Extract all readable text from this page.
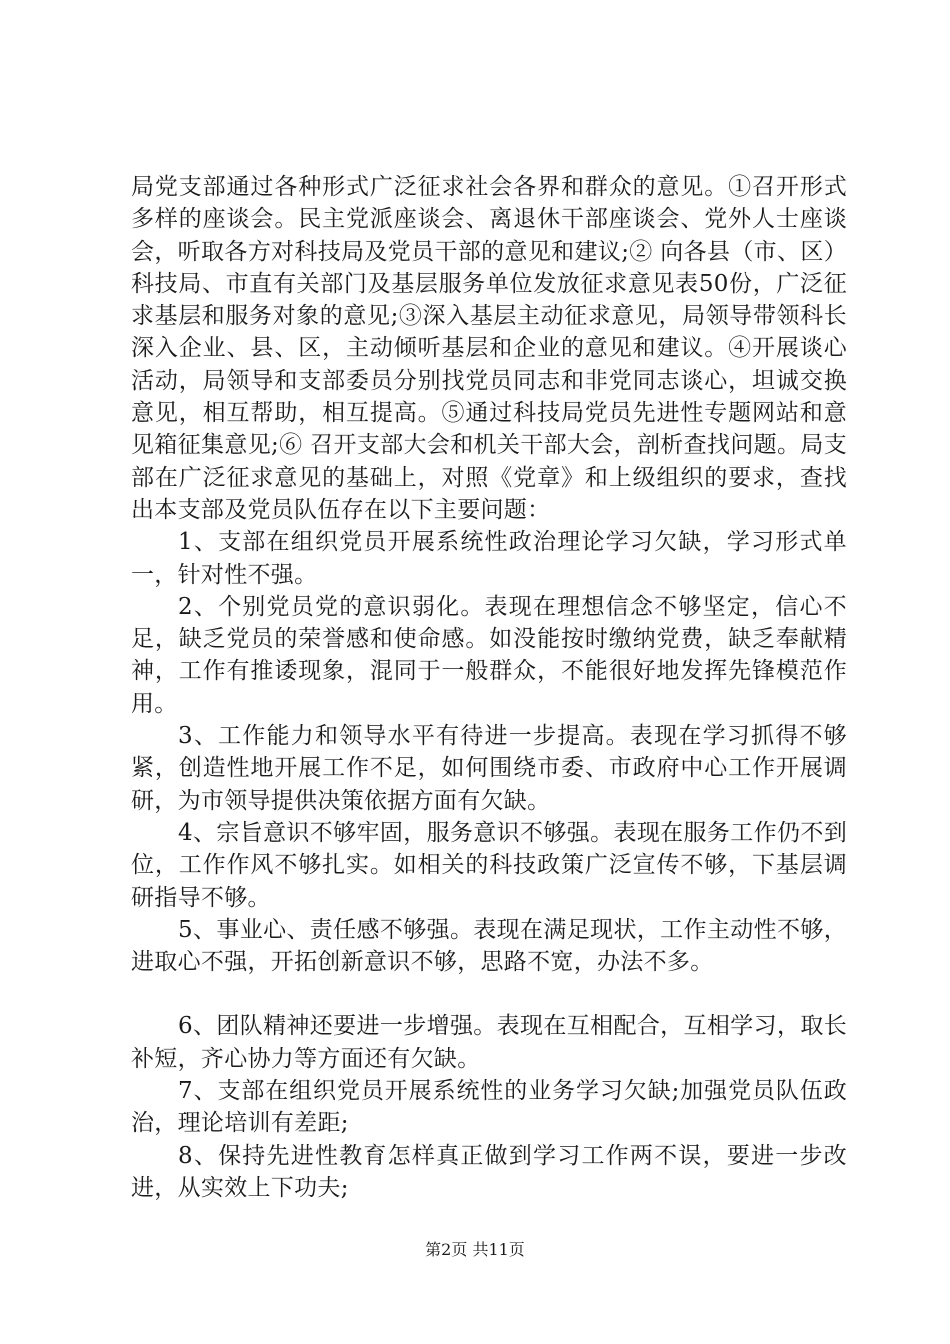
局党支部通过各种形式广泛征求社会各界和群众的意见。①召开形式多样的座谈会。民主党派座谈会、离退休干部座谈会、党外人士座谈会，听取各方对科技局及党员干部的意见和建议;② 向各县（市、区）科技局、市直有关部门及基层服务单位发放征求意见表50份，广泛征求基层和服务对象的意见;③深入基层主动征求意见，局领导带领科长深入企业、县、区，主动倾听基层和企业的意见和建议。④开展谈心活动，局领导和支部委员分别找党员同志和非党同志谈心，坦诚交换意见，相互帮助，相互提高。⑤通过科技局党员先进性专题网站和意见箱征集意见;⑥ 召开支部大会和机关干部大会，剖析查找问题。局支部在广泛征求意见的基础上，对照《党章》和上级组织的要求，查找出本支部及党员队伍存在以下主要问题：

1、支部在组织党员开展系统性政治理论学习欠缺，学习形式单一，针对性不强。

2、个别党员党的意识弱化。表现在理想信念不够坚定，信心不足，缺乏党员的荣誉感和使命感。如没能按时缴纳党费，缺乏奉献精神，工作有推诿现象，混同于一般群众，不能很好地发挥先锋模范作用。

3、工作能力和领导水平有待进一步提高。表现在学习抓得不够紧，创造性地开展工作不足，如何围绕市委、市政府中心工作开展调研，为市领导提供决策依据方面有欠缺。

4、宗旨意识不够牢固，服务意识不够强。表现在服务工作仍不到位，工作作风不够扎实。如相关的科技政策广泛宣传不够，下基层调研指导不够。

5、事业心、责任感不够强。表现在满足现状，工作主动性不够，进取心不强，开拓创新意识不够，思路不宽，办法不多。

6、团队精神还要进一步增强。表现在互相配合，互相学习，取长补短，齐心协力等方面还有欠缺。

7、支部在组织党员开展系统性的业务学习欠缺;加强党员队伍政治，理论培训有差距;

8、保持先进性教育怎样真正做到学习工作两不误，要进一步改进，从实效上下功夫;

第2页 共11页
